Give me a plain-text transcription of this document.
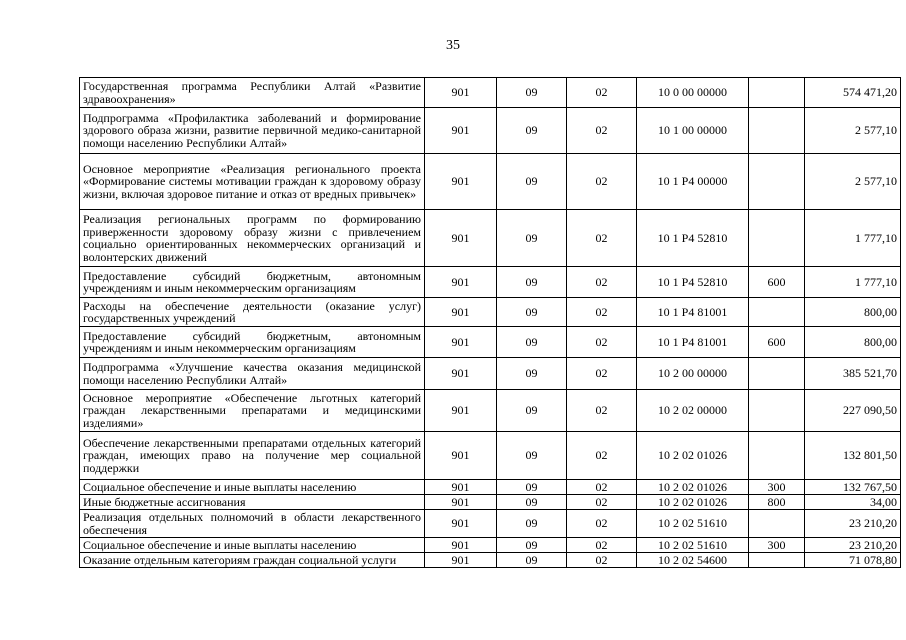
35
Государственная программа Республики Алтай «Развитие здравоохранения»	901	09	02	10 0 00 00000		574 471,20
Подпрограмма «Профилактика заболеваний и формирование здорового образа жизни, развитие первичной медико-санитарной помощи населению Республики Алтай»	901	09	02	10 1 00 00000		2 577,10
Основное мероприятие «Реализация регионального проекта «Формирование системы мотивации граждан к здоровому образу жизни, включая здоровое питание и отказ от вредных привычек»	901	09	02	10 1 P4 00000		2 577,10
Реализация региональных программ по формированию приверженности здоровому образу жизни с привлечением социально ориентированных некоммерческих организаций и волонтерских движений	901	09	02	10 1 P4 52810		1 777,10
Предоставление субсидий бюджетным, автономным учреждениям и иным некоммерческим организациям	901	09	02	10 1 P4 52810	600	1 777,10
Расходы на обеспечение деятельности (оказание услуг) государственных учреждений	901	09	02	10 1 P4 81001		800,00
Предоставление субсидий бюджетным, автономным учреждениям и иным некоммерческим организациям	901	09	02	10 1 P4 81001	600	800,00
Подпрограмма «Улучшение качества оказания медицинской помощи населению Республики Алтай»	901	09	02	10 2 00 00000		385 521,70
Основное мероприятие «Обеспечение льготных категорий граждан лекарственными препаратами и медицинскими изделиями»	901	09	02	10 2 02 00000		227 090,50
Обеспечение лекарственными препаратами отдельных категорий граждан, имеющих право на получение мер социальной поддержки	901	09	02	10 2 02 01026		132 801,50
Социальное обеспечение и иные выплаты населению	901	09	02	10 2 02 01026	300	132 767,50
Иные бюджетные ассигнования	901	09	02	10 2 02 01026	800	34,00
Реализация отдельных полномочий в области лекарственного обеспечения	901	09	02	10 2 02 51610		23 210,20
Социальное обеспечение и иные выплаты населению	901	09	02	10 2 02 51610	300	23 210,20
Оказание отдельным категориям граждан социальной услуги	901	09	02	10 2 02 54600		71 078,80
